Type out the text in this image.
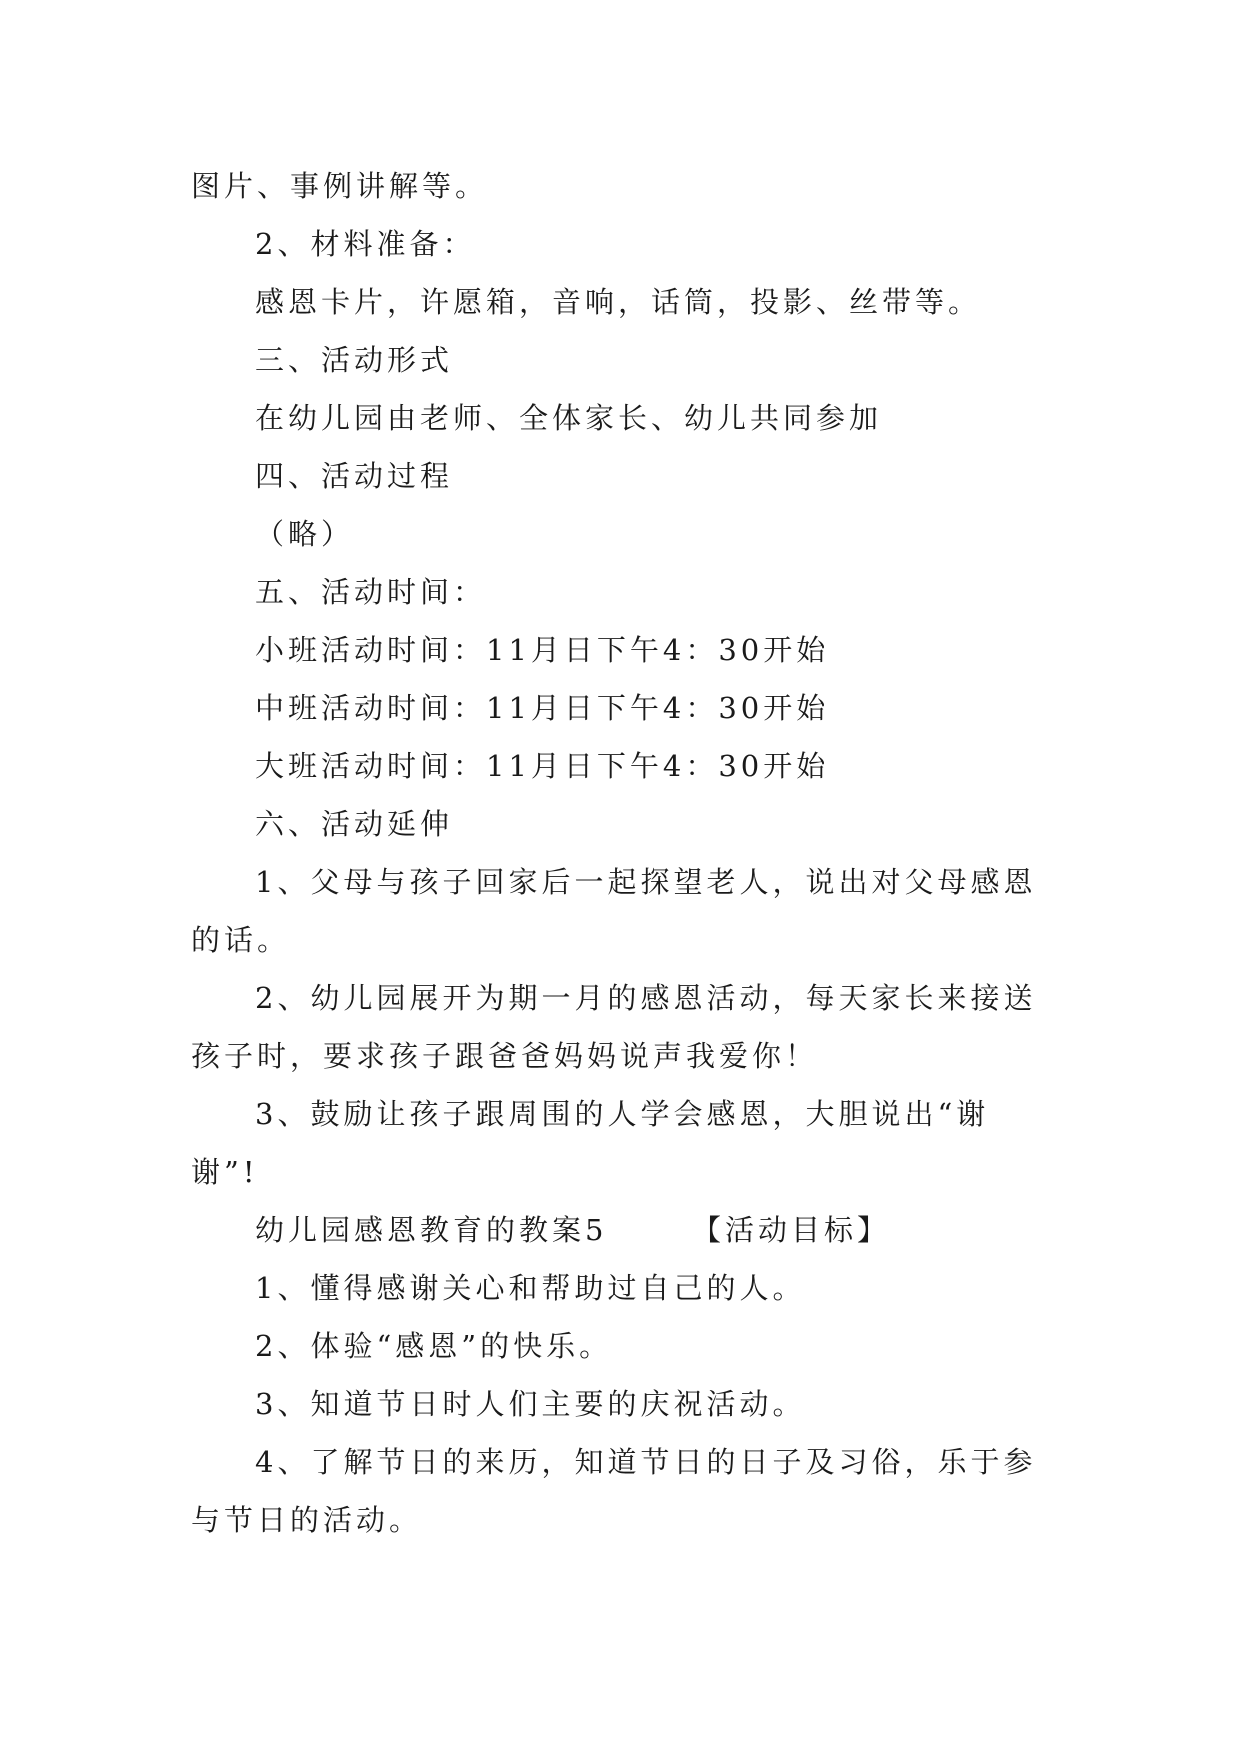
图片、事例讲解等。

2、材料准备：

感恩卡片，许愿箱，音响，话筒，投影、丝带等。

三、活动形式

在幼儿园由老师、全体家长、幼儿共同参加

四、活动过程

（略）

五、活动时间：

小班活动时间：11月日下午4：30开始

中班活动时间：11月日下午4：30开始

大班活动时间：11月日下午4：30开始

六、活动延伸

1、父母与孩子回家后一起探望老人，说出对父母感恩

的话。

2、幼儿园展开为期一月的感恩活动，每天家长来接送

孩子时，要求孩子跟爸爸妈妈说声我爱你！

3、鼓励让孩子跟周围的人学会感恩，大胆说出“谢

谢”!

幼儿园感恩教育的教案5　　　【活动目标】

1、懂得感谢关心和帮助过自己的人。

2、体验“感恩”的快乐。

3、知道节日时人们主要的庆祝活动。

4、了解节日的来历，知道节日的日子及习俗，乐于参

与节日的活动。
